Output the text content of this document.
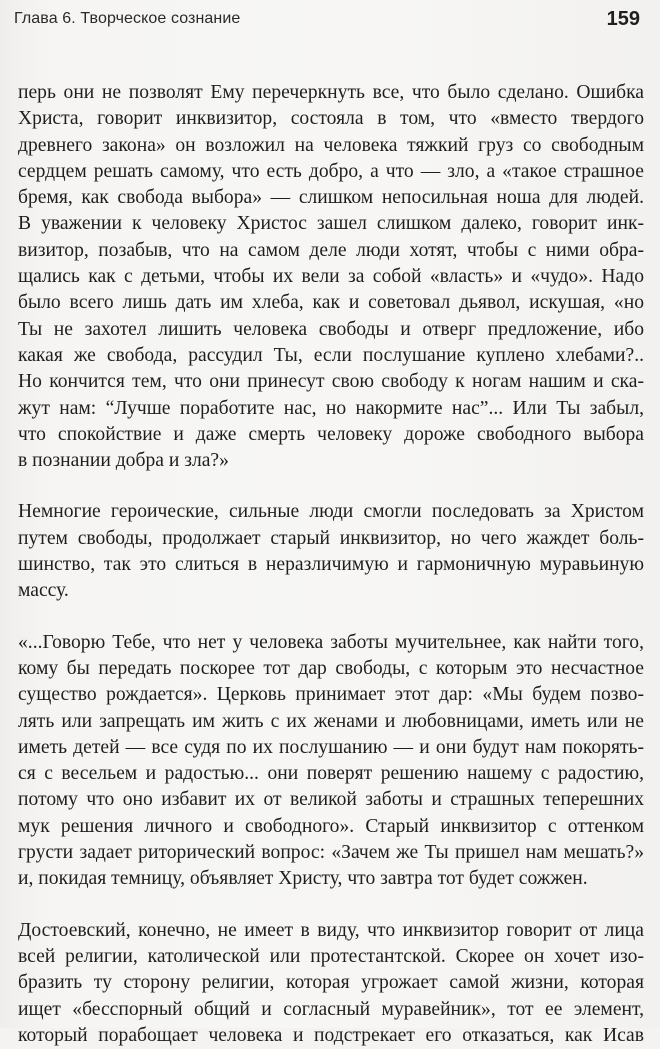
Глава 6. Творческое сознание	159
перь они не позволят Ему перечеркнуть все, что было сделано. Ошибка
Христа, говорит инквизитор, состояла в том, что «вместо твердого
древнего закона» он возложил на человека тяжкий груз со свободным
сердцем решать самому, что есть добро, а что — зло, а «такое страшное
бремя, как свобода выбора» — слишком непосильная ноша для людей.
В уважении к человеку Христос зашел слишком далеко, говорит инк-
визитор, позабыв, что на самом деле люди хотят, чтобы с ними обра-
щались как с детьми, чтобы их вели за собой «власть» и «чудо». Надо
было всего лишь дать им хлеба, как и советовал дьявол, искушая, «но
Ты не захотел лишить человека свободы и отверг предложение, ибо
какая же свобода, рассудил Ты, если послушание куплено хлебами?..
Но кончится тем, что они принесут свою свободу к ногам нашим и ска-
жут нам: “Лучше поработите нас, но накормите нас”... Или Ты забыл,
что спокойствие и даже смерть человеку дороже свободного выбора
в познании добра и зла?»
Немногие героические, сильные люди смогли последовать за Христом
путем свободы, продолжает старый инквизитор, но чего жаждет боль-
шинство, так это слиться в неразличимую и гармоничную муравьиную
массу.
«...Говорю Тебе, что нет у человека заботы мучительнее, как найти того,
кому бы передать поскорее тот дар свободы, с которым это несчастное
существо рождается». Церковь принимает этот дар: «Мы будем позво-
лять или запрещать им жить с их женами и любовницами, иметь или не
иметь детей — все судя по их послушанию — и они будут нам покорять-
ся с весельем и радостью... они поверят решению нашему с радостию,
потому что оно избавит их от великой заботы и страшных теперешних
мук решения личного и свободного». Старый инквизитор с оттенком
грусти задает риторический вопрос: «Зачем же Ты пришел нам мешать?»
и, покидая темницу, объявляет Христу, что завтра тот будет сожжен.
Достоевский, конечно, не имеет в виду, что инквизитор говорит от лица
всей религии, католической или протестантской. Скорее он хочет изо-
бразить ту сторону религии, которая угрожает самой жизни, которая
ищет «бесспорный общий и согласный муравейник», тот ее элемент,
который порабощает человека и подстрекает его отказаться, как Исав
